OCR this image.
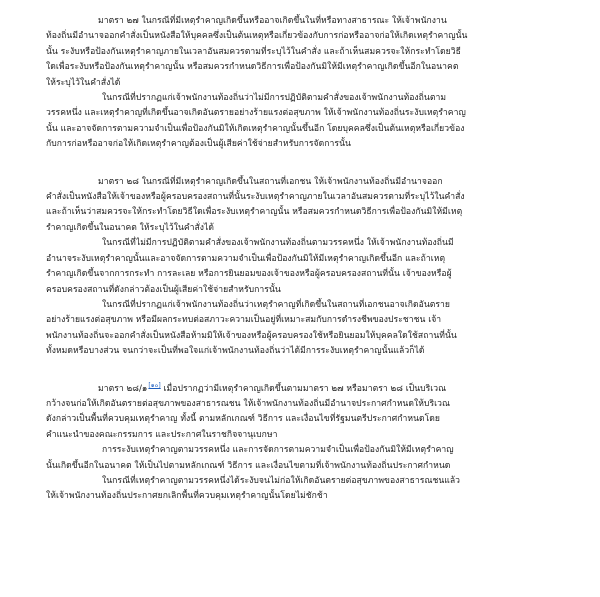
มาตรา ๒๗ ในกรณีที่มีเหตุรำคาญเกิดขึ้นหรืออาจเกิดขึ้นในที่หรือทางสาธารณะ ให้เจ้าพนักงาน
ท้องถิ่นมีอำนาจออกคำสั่งเป็นหนังสือให้บุคคลซึ่งเป็นต้นเหตุหรือเกี่ยวข้องกับการก่อหรืออาจก่อให้เกิดเหตุรำคาญนั้น
นั้น ระงับหรือป้องกันเหตุรำคาญภายในเวลาอันสมควรตามที่ระบุไว้ในคำสั่ง และถ้าเห็นสมควรจะให้กระทำโดยวิธี
ใดเพื่อระงับหรือป้องกันเหตุรำคาญนั้น หรือสมควรกำหนดวิธีการเพื่อป้องกันมิให้มีเหตุรำคาญเกิดขึ้นอีกในอนาคต
ให้ระบุไว้ในคำสั่งได้
ในกรณีที่ปรากฏแก่เจ้าพนักงานท้องถิ่นว่าไม่มีการปฏิบัติตามคำสั่งของเจ้าพนักงานท้องถิ่นตาม
วรรคหนึ่ง และเหตุรำคาญที่เกิดขึ้นอาจเกิดอันตรายอย่างร้ายแรงต่อสุขภาพ ให้เจ้าพนักงานท้องถิ่นระงับเหตุรำคาญ
นั้น และอาจจัดการตามความจำเป็นเพื่อป้องกันมิให้เกิดเหตุรำคาญนั้นขึ้นอีก โดยบุคคลซึ่งเป็นต้นเหตุหรือเกี่ยวข้อง
กับการก่อหรืออาจก่อให้เกิดเหตุรำคาญต้องเป็นผู้เสียค่าใช้จ่ายสำหรับการจัดการนั้น
มาตรา ๒๘ ในกรณีที่มีเหตุรำคาญเกิดขึ้นในสถานที่เอกชน ให้เจ้าพนักงานท้องถิ่นมีอำนาจออก
คำสั่งเป็นหนังสือให้เจ้าของหรือผู้ครอบครองสถานที่นั้นระงับเหตุรำคาญภายในเวลาอันสมควรตามที่ระบุไว้ในคำสั่ง
และถ้าเห็นว่าสมควรจะให้กระทำโดยวิธีใดเพื่อระงับเหตุรำคาญนั้น หรือสมควรกำหนดวิธีการเพื่อป้องกันมิให้มีเหตุ
รำคาญเกิดขึ้นในอนาคต ให้ระบุไว้ในคำสั่งได้
ในกรณีที่ไม่มีการปฏิบัติตามคำสั่งของเจ้าพนักงานท้องถิ่นตามวรรคหนึ่ง ให้เจ้าพนักงานท้องถิ่นมี
อำนาจระงับเหตุรำคาญนั้นและอาจจัดการตามความจำเป็นเพื่อป้องกันมิให้มีเหตุรำคาญเกิดขึ้นอีก และถ้าเหตุ
รำคาญเกิดขึ้นจากการกระทำ การละเลย หรือการยินยอมของเจ้าของหรือผู้ครอบครองสถานที่นั้น เจ้าของหรือผู้
ครอบครองสถานที่ดังกล่าวต้องเป็นผู้เสียค่าใช้จ่ายสำหรับการนั้น
ในกรณีที่ปรากฏแก่เจ้าพนักงานท้องถิ่นว่าเหตุรำคาญที่เกิดขึ้นในสถานที่เอกชนอาจเกิดอันตราย
อย่างร้ายแรงต่อสุขภาพ หรือมีผลกระทบต่อสภาวะความเป็นอยู่ที่เหมาะสมกับการดำรงชีพของประชาชน เจ้า
พนักงานท้องถิ่นจะออกคำสั่งเป็นหนังสือห้ามมิให้เจ้าของหรือผู้ครอบครองใช้หรือยินยอมให้บุคคลใดใช้สถานที่นั้น
ทั้งหมดหรือบางส่วน จนกว่าจะเป็นที่พอใจแก่เจ้าพนักงานท้องถิ่นว่าได้มีการระงับเหตุรำคาญนั้นแล้วก็ได้
มาตรา ๒๘/๑[๑๐] เมื่อปรากฏว่ามีเหตุรำคาญเกิดขึ้นตามมาตรา ๒๗ หรือมาตรา ๒๘ เป็นบริเวณ
กว้างจนก่อให้เกิดอันตรายต่อสุขภาพของสาธารณชน ให้เจ้าพนักงานท้องถิ่นมีอำนาจประกาศกำหนดให้บริเวณ
ดังกล่าวเป็นพื้นที่ควบคุมเหตุรำคาญ ทั้งนี้ ตามหลักเกณฑ์ วิธีการ และเงื่อนไขที่รัฐมนตรีประกาศกำหนดโดย
คำแนะนำของคณะกรรมการ และประกาศในราชกิจจานุเบกษา
การระงับเหตุรำคาญตามวรรคหนึ่ง และการจัดการตามความจำเป็นเพื่อป้องกันมิให้มีเหตุรำคาญ
นั้นเกิดขึ้นอีกในอนาคต ให้เป็นไปตามหลักเกณฑ์ วิธีการ และเงื่อนไขตามที่เจ้าพนักงานท้องถิ่นประกาศกำหนด
ในกรณีที่เหตุรำคาญตามวรรคหนึ่งได้ระงับจนไม่ก่อให้เกิดอันตรายต่อสุขภาพของสาธารณชนแล้ว
ให้เจ้าพนักงานท้องถิ่นประกาศยกเลิกพื้นที่ควบคุมเหตุรำคาญนั้นโดยไม่ชักช้า
